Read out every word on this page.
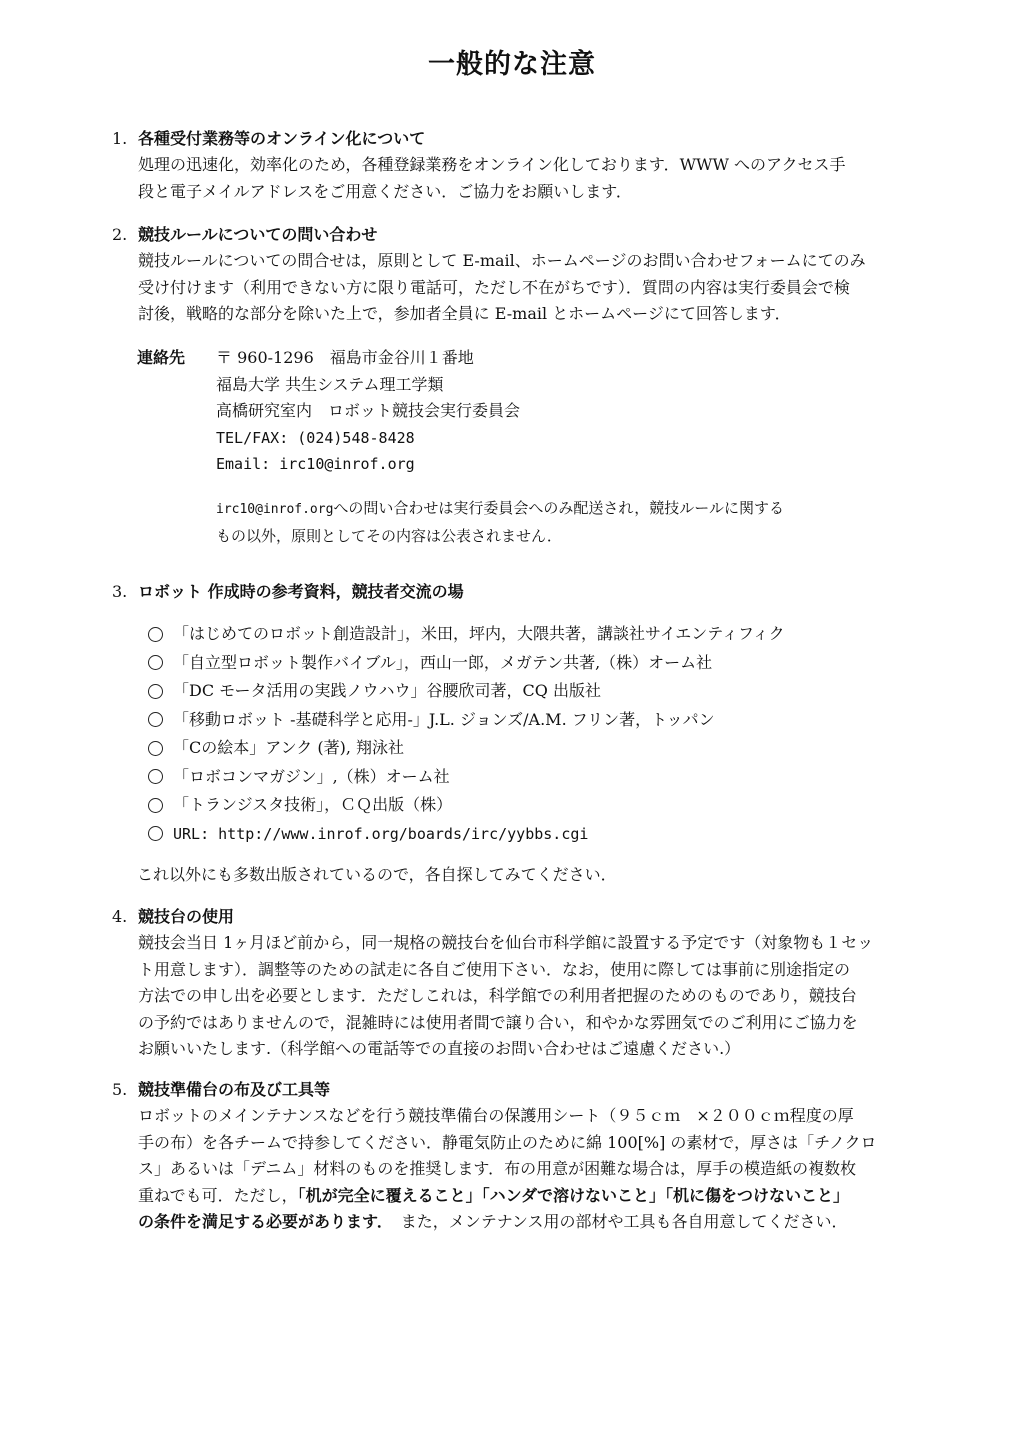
一般的な注意
1. 各種受付業務等のオンライン化について
処理の迅速化，効率化のため，各種登録業務をオンライン化しております．WWW へのアクセス手
段と電子メイルアドレスをご用意ください．ご協力をお願いします．
2. 競技ルールについての問い合わせ
競技ルールについての問合せは，原則として E-mail、ホームページのお問い合わせフォームにてのみ
受け付けます（利用できない方に限り電話可，ただし不在がちです）．質問の内容は実行委員会で検
討後，戦略的な部分を除いた上で，参加者全員に E-mail とホームページにて回答します．
連絡先 〒 960-1296　福島市金谷川１番地
福島大学 共生システム理工学類
高橋研究室内　ロボット競技会実行委員会
TEL/FAX: (024)548-8428
Email: irc10@inrof.org
irc10@inrof.orgへの問い合わせは実行委員会へのみ配送され，競技ルールに関する
もの以外，原則としてその内容は公表されません．
3. ロボット 作成時の参考資料，競技者交流の場
「はじめてのロボット創造設計」，米田，坪内，大隈共著，講談社サイエンティフィク
「自立型ロボット製作バイブル」，西山一郎，メガテン共著,（株）オーム社
「DC モータ活用の実践ノウハウ」谷腰欣司著，CQ 出版社
「移動ロボット -基礎科学と応用-」J.L. ジョンズ/A.M. フリン著，トッパン
「Cの絵本」アンク (著), 翔泳社
「ロボコンマガジン」,（株）オーム社
「トランジスタ技術」，ＣＱ出版（株）
URL: http://www.inrof.org/boards/irc/yybbs.cgi
これ以外にも多数出版されているので，各自探してみてください．
4. 競技台の使用
競技会当日 1ヶ月ほど前から，同一規格の競技台を仙台市科学館に設置する予定です（対象物も１セッ
ト用意します）．調整等のための試走に各自ご使用下さい．なお，使用に際しては事前に別途指定の
方法での申し出を必要とします．ただしこれは，科学館での利用者把握のためのものであり，競技台
の予約ではありませんので，混雑時には使用者間で譲り合い，和やかな雰囲気でのご利用にご協力を
お願いいたします.（科学館への電話等での直接のお問い合わせはご遠慮ください.）
5. 競技準備台の布及び工具等
ロボットのメインテナンスなどを行う競技準備台の保護用シート（９５ｃｍ　×２００ｃｍ程度の厚
手の布）を各チームで持参してください．静電気防止のために綿 100[%] の素材で，厚さは「チノクロ
ス」あるいは「デニム」材料のものを推奨します．布の用意が困難な場合は，厚手の模造紙の複数枚
重ねでも可．ただし，「机が完全に覆えること」「ハンダで溶けないこと」「机に傷をつけないこと」
の条件を満足する必要があります．　また，メンテナンス用の部材や工具も各自用意してください．
